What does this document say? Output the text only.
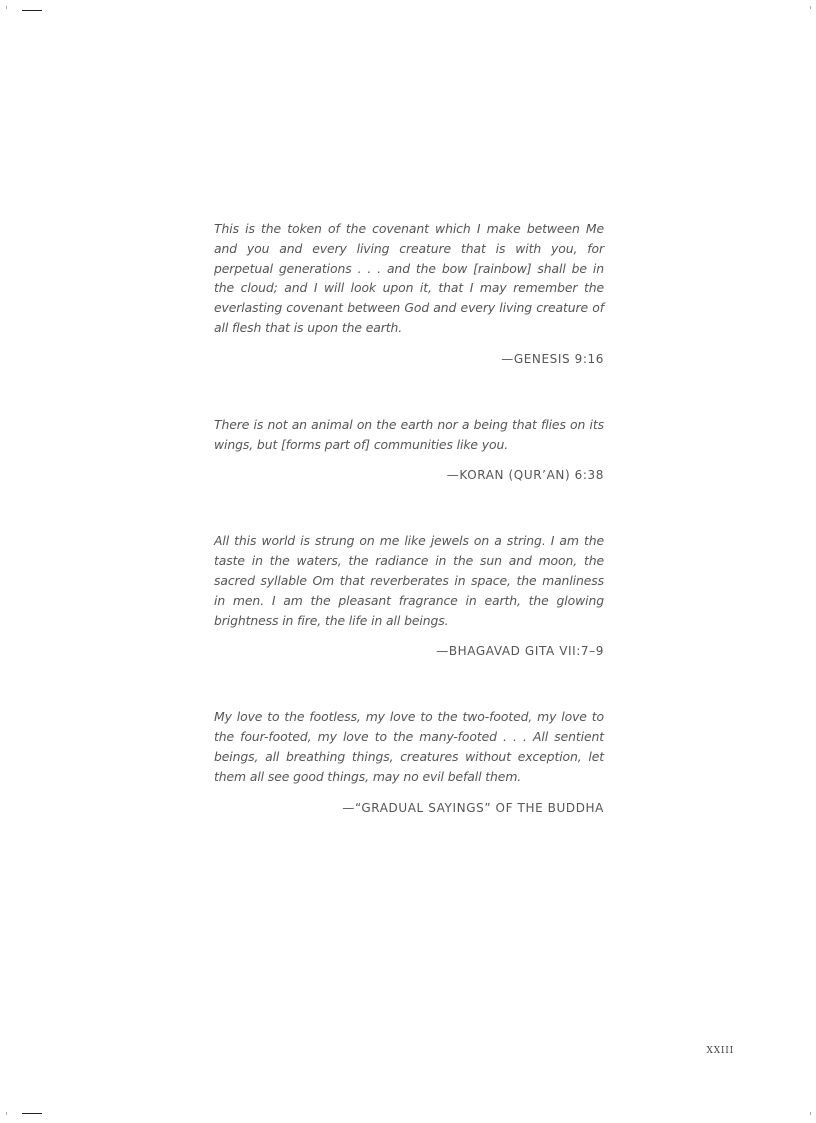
This is the token of the covenant which I make between Me and you and every living creature that is with you, for perpetual generations . . . and the bow [rainbow] shall be in the cloud; and I will look upon it, that I may remember the everlasting covenant between God and every living creature of all flesh that is upon the earth.

—GENESIS 9:16

There is not an animal on the earth nor a being that flies on its wings, but [forms part of] communities like you.

—KORAN (QUR’AN) 6:38

All this world is strung on me like jewels on a string. I am the taste in the waters, the radiance in the sun and moon, the sacred syllable Om that reverberates in space, the manliness in men. I am the pleasant fragrance in earth, the glowing brightness in fire, the life in all beings.

—BHAGAVAD GITA VII:7–9

My love to the footless, my love to the two-footed, my love to the four-footed, my love to the many-footed . . . All sentient beings, all breathing things, creatures without exception, let them all see good things, may no evil befall them.

—“GRADUAL SAYINGS” OF THE BUDDHA

XXIII
